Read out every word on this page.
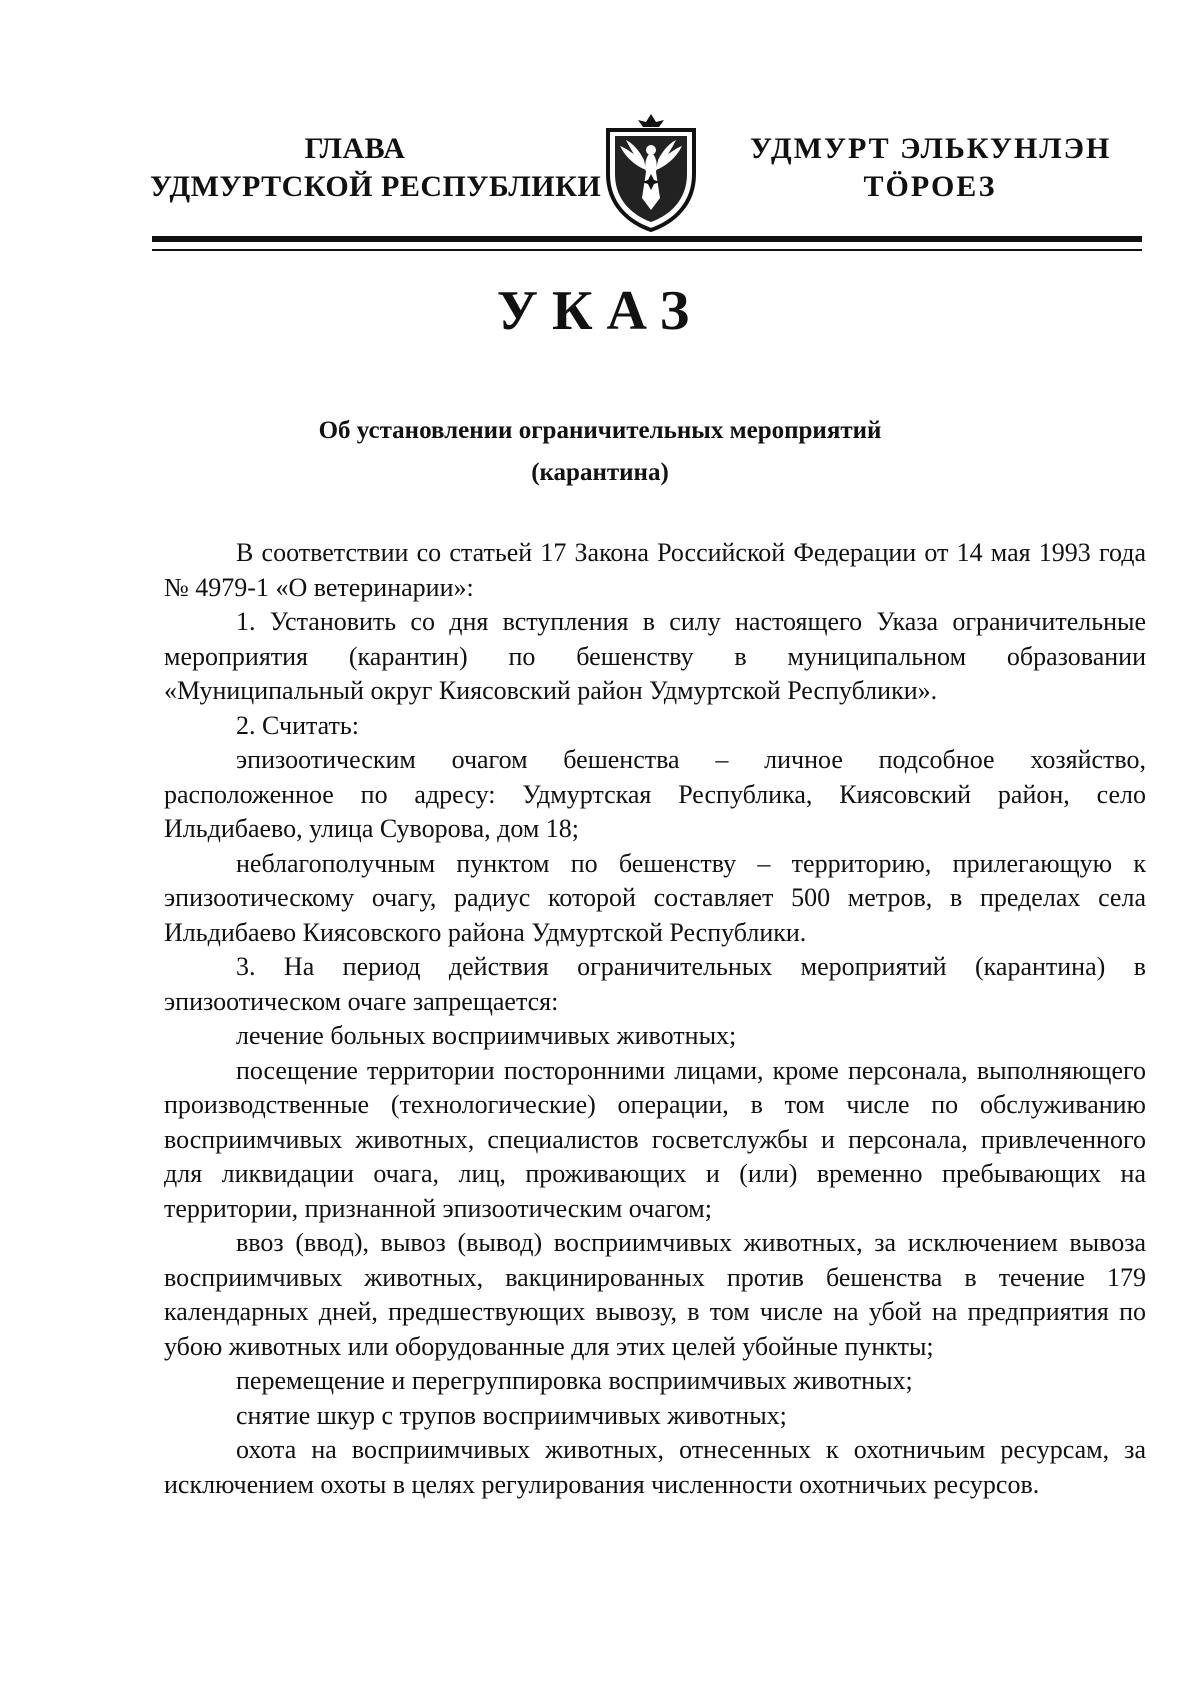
ГЛАВА
УДМУРТСКОЙ РЕСПУБЛИКИ
УДМУРТ ЭЛЬКУНЛЭН
ТӦРОЕЗ
УКАЗ
Об установлении ограничительных мероприятий
(карантина)

В соответствии со статьей 17 Закона Российской Федерации от 14 мая 1993 года № 4979-1 «О ветеринарии»:

1. Установить со дня вступления в силу настоящего Указа ограничительные мероприятия (карантин) по бешенству в муниципальном образовании «Муниципальный округ Киясовский район Удмуртской Республики».

2. Считать:

эпизоотическим очагом бешенства – личное подсобное хозяйство, расположенное по адресу: Удмуртская Республика, Киясовский район, село Ильдибаево, улица Суворова, дом 18;

неблагополучным пунктом по бешенству – территорию, прилегающую к эпизоотическому очагу, радиус которой составляет 500 метров, в пределах села Ильдибаево Киясовского района Удмуртской Республики.

3. На период действия ограничительных мероприятий (карантина) в эпизоотическом очаге запрещается:

лечение больных восприимчивых животных;

посещение территории посторонними лицами, кроме персонала, выполняющего производственные (технологические) операции, в том числе по обслуживанию восприимчивых животных, специалистов госветслужбы и персонала, привлеченного для ликвидации очага, лиц, проживающих и (или) временно пребывающих на территории, признанной эпизоотическим очагом;

ввоз (ввод), вывоз (вывод) восприимчивых животных, за исключением вывоза восприимчивых животных, вакцинированных против бешенства в течение 179 календарных дней, предшествующих вывозу, в том числе на убой на предприятия по убою животных или оборудованные для этих целей убойные пункты;

перемещение и перегруппировка восприимчивых животных;

снятие шкур с трупов восприимчивых животных;

охота на восприимчивых животных, отнесенных к охотничьим ресурсам, за исключением охоты в целях регулирования численности охотничьих ресурсов.
